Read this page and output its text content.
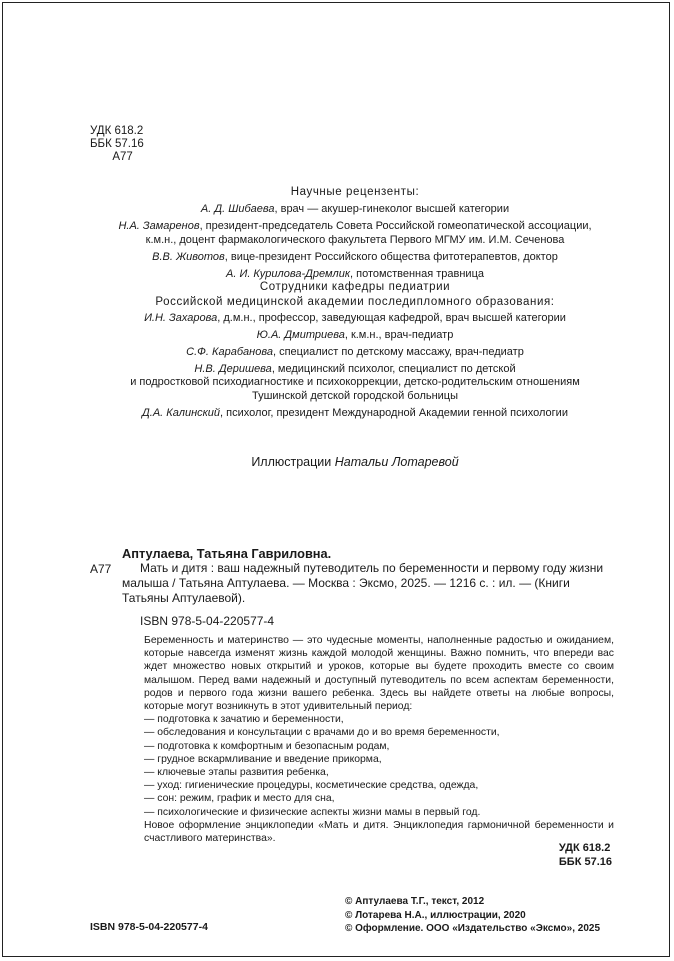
УДК 618.2
ББК 57.16
А77
Научные рецензенты:
А. Д. Шибаева, врач — акушер-гинеколог высшей категории
Н.А. Замаренов, президент-председатель Совета Российской гомеопатической ассоциации,
к.м.н., доцент фармакологического факультета Первого МГМУ им. И.М. Сеченова
В.В. Животов, вице-президент Российского общества фитотерапевтов, доктор
А. И. Курилова-Дремлик, потомственная травница
Сотрудники кафедры педиатрии
Российской медицинской академии последипломного образования:
И.Н. Захарова, д.м.н., профессор, заведующая кафедрой, врач высшей категории
Ю.А. Дмитриева, к.м.н., врач-педиатр
С.Ф. Карабанова, специалист по детскому массажу, врач-педиатр
Н.В. Деришева, медицинский психолог, специалист по детской
и подростковой психодиагностике и психокоррекции, детско-родительским отношениям
Тушинской детской городской больницы
Д.А. Калинский, психолог, президент Международной Академии генной психологии
Иллюстрации Натальи Лотаревой
А77
Аптулаева, Татьяна Гавриловна.
Мать и дитя : ваш надежный путеводитель по беременности и первому году жизни малыша / Татьяна Аптулаева. — Москва : Эксмо, 2025. — 1216 с. : ил. — (Книги Татьяны Аптулаевой).
ISBN 978-5-04-220577-4

Беременность и материнство — это чудесные моменты, наполненные радостью и ожиданием, которые навсегда изменят жизнь каждой молодой женщины. Важно помнить, что впереди вас ждет множество новых открытий и уроков, которые вы будете проходить вместе со своим малышом. Перед вами надежный и доступный путеводитель по всем аспектам беременности, родов и первого года жизни вашего ребенка. Здесь вы найдете ответы на любые вопросы, которые могут возникнуть в этот удивительный период:

— подготовка к зачатию и беременности,
— обследования и консультации с врачами до и во время беременности,
— подготовка к комфортным и безопасным родам,
— грудное вскармливание и введение прикорма,
— ключевые этапы развития ребенка,
— уход: гигиенические процедуры, косметические средства, одежда,
— сон: режим, график и место для сна,
— психологические и физические аспекты жизни мамы в первый год.

Новое оформление энциклопедии «Мать и дитя. Энциклопедия гармоничной беременности и счастливого материнства».

УДК 618.2
ББК 57.16
© Аптулаева Т.Г., текст, 2012
© Лотарева Н.А., иллюстрации, 2020
© Оформление. ООО «Издательство «Эксмо», 2025
ISBN 978-5-04-220577-4
